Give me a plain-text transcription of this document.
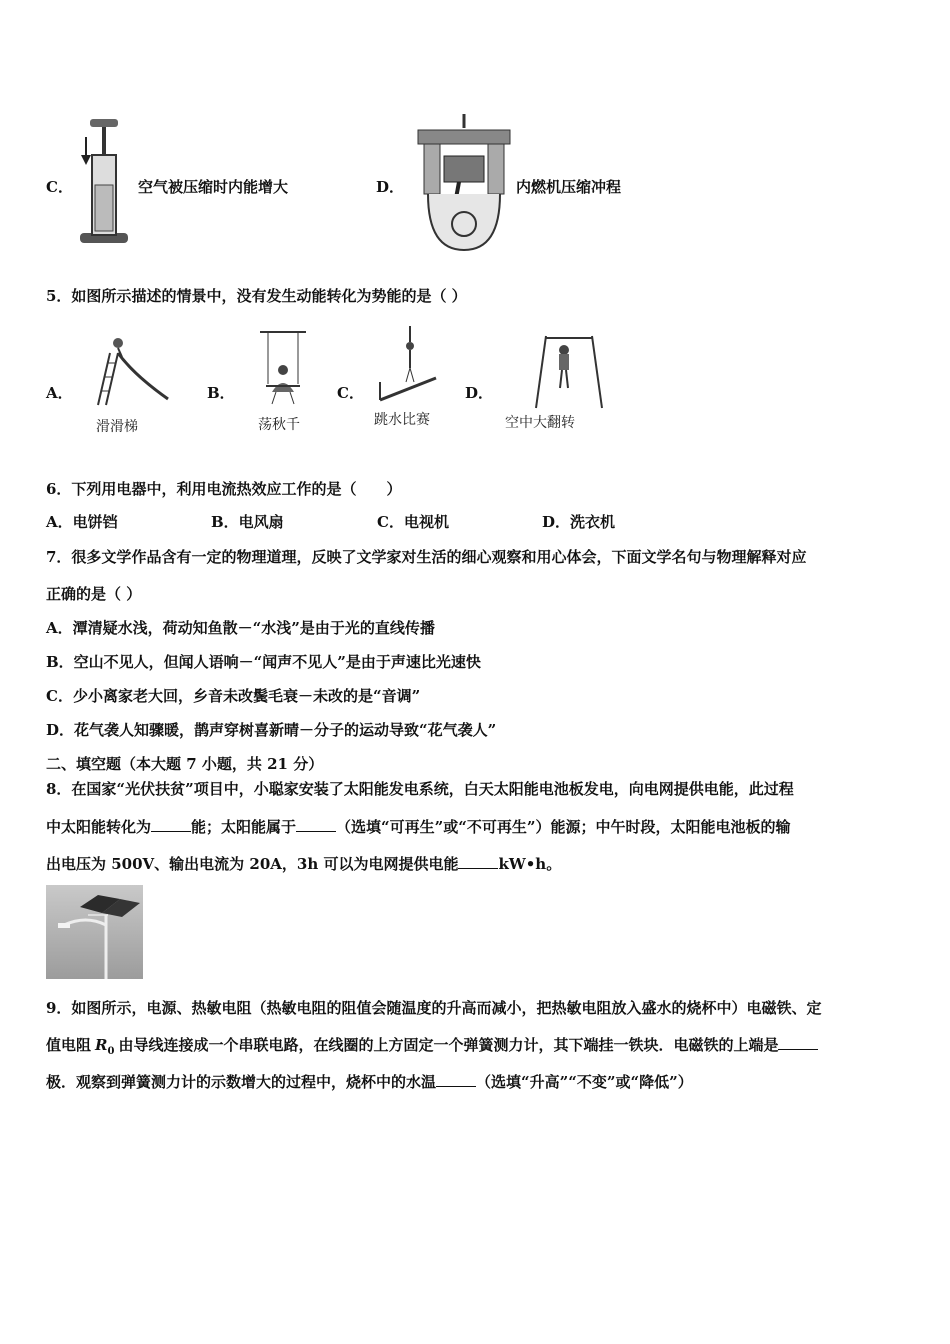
C．	空气被压缩时内能增大	D．	内燃机压缩冲程
5．如图所示描述的情景中，没有发生动能转化为势能的是（ ）
A．
滑滑梯
B．
荡秋千
C．
跳水比赛
D．
空中大翻转
6．下列用电器中，利用电流热效应工作的是（　　）
A．电饼铛	B．电风扇	C．电视机	D．洗衣机
7．很多文学作品含有一定的物理道理，反映了文学家对生活的细心观察和用心体会，下面文学名句与物理解释对应
正确的是（ ）
A．潭清疑水浅，荷动知鱼散－“水浅”是由于光的直线传播
B．空山不见人，但闻人语响－“闻声不见人”是由于声速比光速快
C．少小离家老大回，乡音未改鬓毛衰－未改的是“音调”
D．花气袭人知骤暖，鹊声穿树喜新晴－分子的运动导致“花气袭人”
二、填空题（本大题 7 小题，共 21 分）
8．在国家“光伏扶贫”项目中，小聪家安装了太阳能发电系统，白天太阳能电池板发电，向电网提供电能，此过程
中太阳能转化为	能；太阳能属于	（选填“可再生”或“不可再生”）能源；中午时段，太阳能电池板的输
出电压为 500V、输出电流为 20A，3h 可以为电网提供电能	kW•h。
9．如图所示，电源、热敏电阻（热敏电阻的阻值会随温度的升高而减小，把热敏电阻放入盛水的烧杯中）电磁铁、定
值电阻 $R_0$ 由导线连接成一个串联电路，在线圈的上方固定一个弹簧测力计，其下端挂一铁块．电磁铁的上端是
极．观察到弹簧测力计的示数增大的过程中，烧杯中的水温	（选填“升高”“不变”或“降低”）
